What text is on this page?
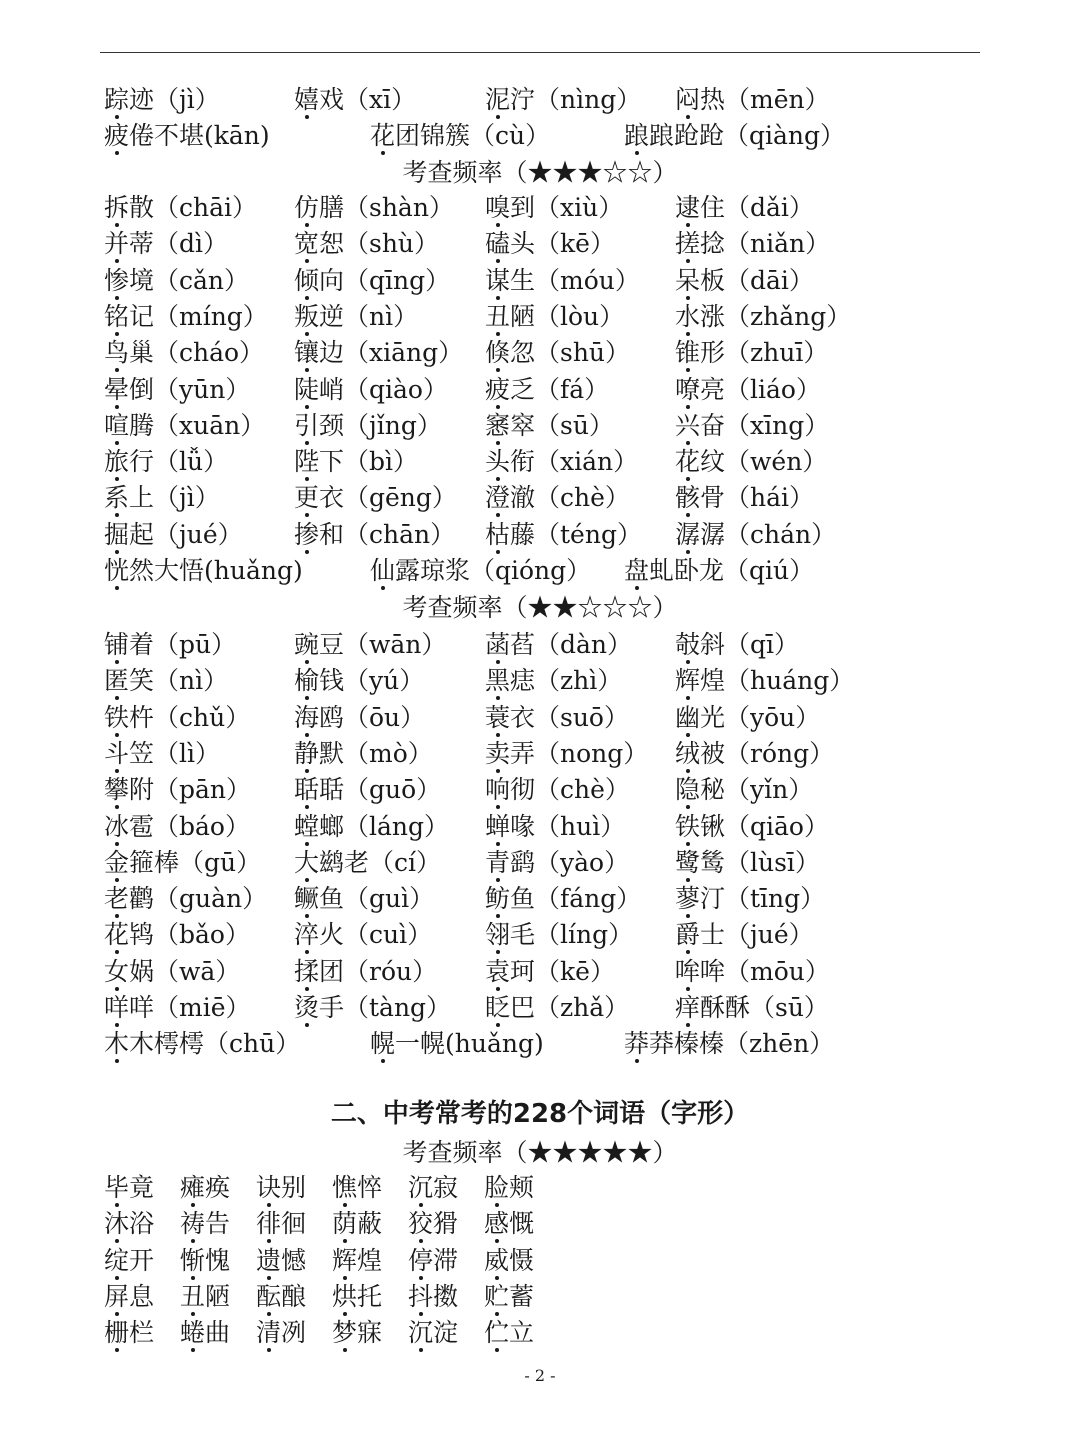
踪迹（jì）	嬉戏（xī）	泥泞（nìng） 闷热（mēn）
疲倦不堪(kān)	花团锦簇（cù）	踉踉跄跄（qiàng）
考查频率（★★★☆☆）
拆散（chāi） 仿膳（shàn） 嗅到（xiù） 逮住（dǎi）
并蒂（dì）	宽恕（shù） 磕头（kē） 搓捻（niǎn）
惨境（cǎn） 倾向（qīng） 谋生（móu） 呆板（dāi）
铭记（míng） 叛逆（nì）	丑陋（lòu） 水涨（zhǎng）
鸟巢（cháo） 镶边（xiāng） 倏忽（shū） 锥形（zhuī）
晕倒（yūn） 陡峭（qiào） 疲乏（fá）	嘹亮（liáo）
喧腾（xuān） 引颈（jǐng） 窸窣（sū） 兴奋（xīng）
旅行（lǚ）	陛下（bì）	头衔（xián） 花纹（wén）
系上（jì）	更衣（gēng） 澄澈（chè） 骸骨（hái）
掘起（jué） 掺和（chān） 枯藤（téng） 潺潺（chán）
恍然大悟(huǎng)	仙露琼浆（qióng） 盘虬卧龙（qiú）
考查频率（★★☆☆☆）
铺着（pū） 豌豆（wān） 菡萏（dàn） 攲斜（qī）
匿笑（nì）	榆钱（yú） 黑痣（zhì） 辉煌（huáng）
铁杵（chǔ） 海鸥（ōu） 蓑衣（suō） 幽光（yōu）
斗笠（lì）	静默（mò） 卖弄（nong） 绒被（róng）
攀附（pān） 聒聒（guō） 响彻（chè） 隐秘（yǐn）
冰雹（báo） 螳螂（láng） 蝉喙（huì） 铁锹（qiāo）
金箍棒（gū） 大鹚老（cí） 青鹞（yào） 鹭鸶（lùsī）
老鹳（guàn） 鳜鱼（guì） 鲂鱼（fáng） 蓼汀（tīng）
花鸨（bǎo） 淬火（cuì） 翎毛（líng） 爵士（jué）
女娲（wā） 揉团（róu） 袁珂（kē） 哞哞（mōu）
咩咩（miē） 烫手（tàng） 眨巴（zhǎ） 痒酥酥（sū）
木木樗樗（chū）	幌一幌(huǎng)	莽莽榛榛（zhēn）
二、中考常考的228个词语（字形）
考查频率（★★★★★）
毕竟 瘫痪 诀别 憔悴 沉寂 脸颊
沐浴 祷告 徘徊 荫蔽 狡猾 感慨
绽开 惭愧 遗憾 辉煌 停滞 威慑
屏息 丑陋 酝酿 烘托 抖擞 贮蓄
栅栏 蜷曲 清冽 梦寐 沉淀 伫立
- 2 -
